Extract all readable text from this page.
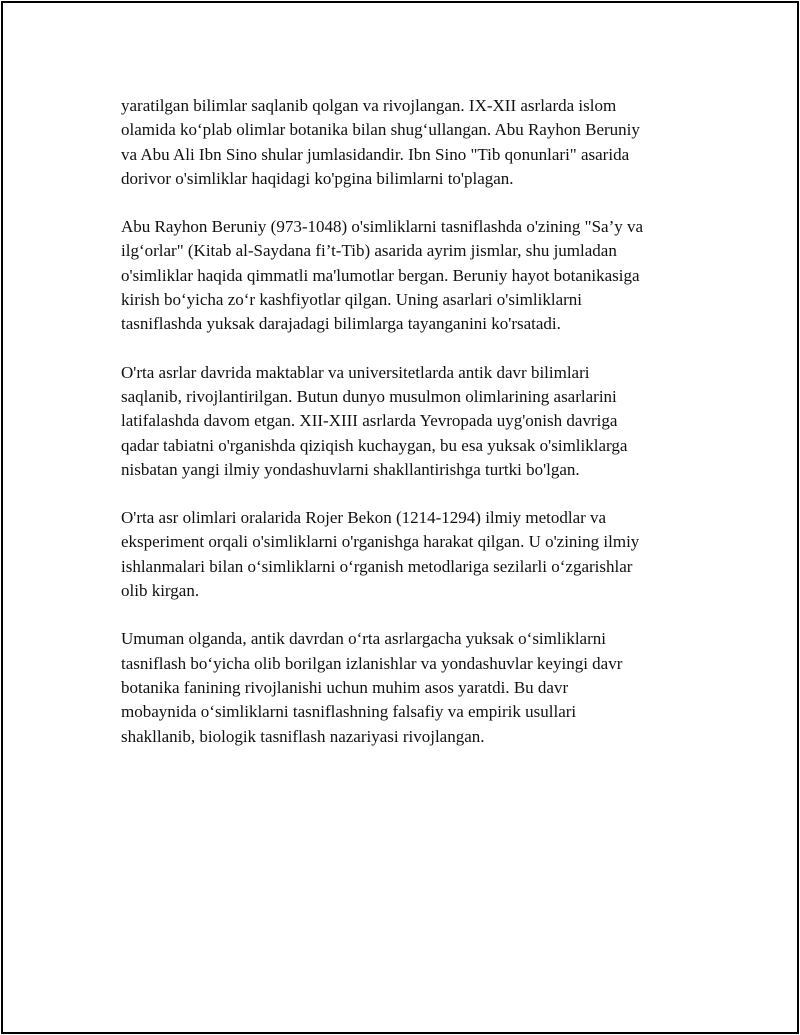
yaratilgan bilimlar saqlanib qolgan va rivojlangan. IX-XII asrlarda islom
olamida ko‘plab olimlar botanika bilan shug‘ullangan. Abu Rayhon Beruniy
va Abu Ali Ibn Sino shular jumlasidandir. Ibn Sino "Tib qonunlari" asarida
dorivor o'simliklar haqidagi ko'pgina bilimlarni to'plagan.

Abu Rayhon Beruniy (973-1048) o'simliklarni tasniflashda o'zining "Sa’y va
ilg‘orlar" (Kitab al-Saydana fi’t-Tib) asarida ayrim jismlar, shu jumladan
o'simliklar haqida qimmatli ma'lumotlar bergan. Beruniy hayot botanikasiga
kirish bo‘yicha zo‘r kashfiyotlar qilgan. Uning asarlari o'simliklarni
tasniflashda yuksak darajadagi bilimlarga tayanganini ko'rsatadi.

O'rta asrlar davrida maktablar va universitetlarda antik davr bilimlari
saqlanib, rivojlantirilgan. Butun dunyo musulmon olimlarining asarlarini
latifalashda davom etgan. XII-XIII asrlarda Yevropada uyg'onish davriga
qadar tabiatni o'rganishda qiziqish kuchaygan, bu esa yuksak o'simliklarga
nisbatan yangi ilmiy yondashuvlarni shakllantirishga turtki bo'lgan.

O'rta asr olimlari oralarida Rojer Bekon (1214-1294) ilmiy metodlar va
eksperiment orqali o'simliklarni o'rganishga harakat qilgan. U o'zining ilmiy
ishlanmalari bilan o‘simliklarni o‘rganish metodlariga sezilarli o‘zgarishlar
olib kirgan.

Umuman olganda, antik davrdan o‘rta asrlargacha yuksak o‘simliklarni
tasniflash bo‘yicha olib borilgan izlanishlar va yondashuvlar keyingi davr
botanika fanining rivojlanishi uchun muhim asos yaratdi. Bu davr
mobaynida o‘simliklarni tasniflashning falsafiy va empirik usullari
shakllanib, biologik tasniflash nazariyasi rivojlangan.
